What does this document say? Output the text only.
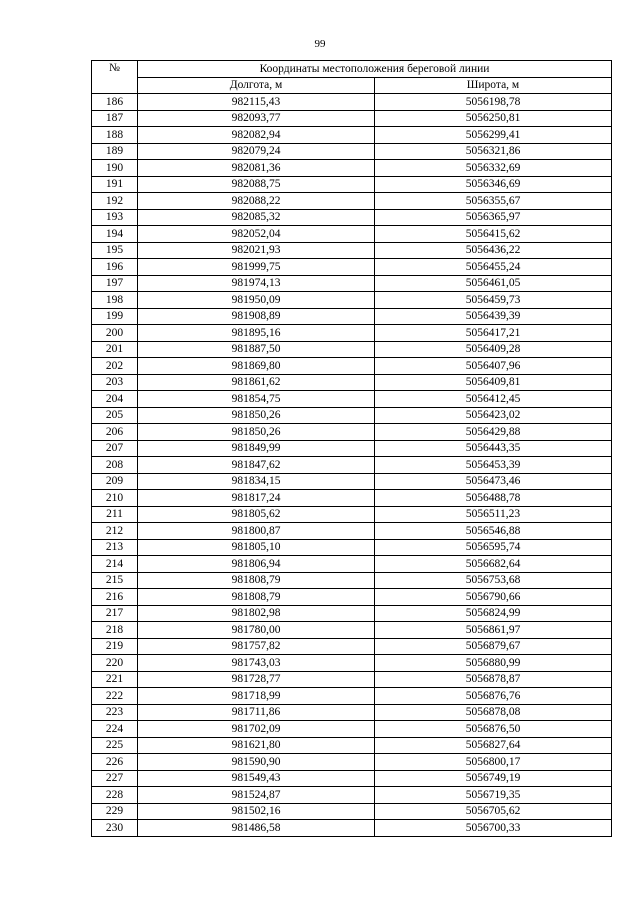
99
№	Координаты местоположения береговой линии	
	Долгота, м	Широта, м
186	982115,43	5056198,78
187	982093,77	5056250,81
188	982082,94	5056299,41
189	982079,24	5056321,86
190	982081,36	5056332,69
191	982088,75	5056346,69
192	982088,22	5056355,67
193	982085,32	5056365,97
194	982052,04	5056415,62
195	982021,93	5056436,22
196	981999,75	5056455,24
197	981974,13	5056461,05
198	981950,09	5056459,73
199	981908,89	5056439,39
200	981895,16	5056417,21
201	981887,50	5056409,28
202	981869,80	5056407,96
203	981861,62	5056409,81
204	981854,75	5056412,45
205	981850,26	5056423,02
206	981850,26	5056429,88
207	981849,99	5056443,35
208	981847,62	5056453,39
209	981834,15	5056473,46
210	981817,24	5056488,78
211	981805,62	5056511,23
212	981800,87	5056546,88
213	981805,10	5056595,74
214	981806,94	5056682,64
215	981808,79	5056753,68
216	981808,79	5056790,66
217	981802,98	5056824,99
218	981780,00	5056861,97
219	981757,82	5056879,67
220	981743,03	5056880,99
221	981728,77	5056878,87
222	981718,99	5056876,76
223	981711,86	5056878,08
224	981702,09	5056876,50
225	981621,80	5056827,64
226	981590,90	5056800,17
227	981549,43	5056749,19
228	981524,87	5056719,35
229	981502,16	5056705,62
230	981486,58	5056700,33
